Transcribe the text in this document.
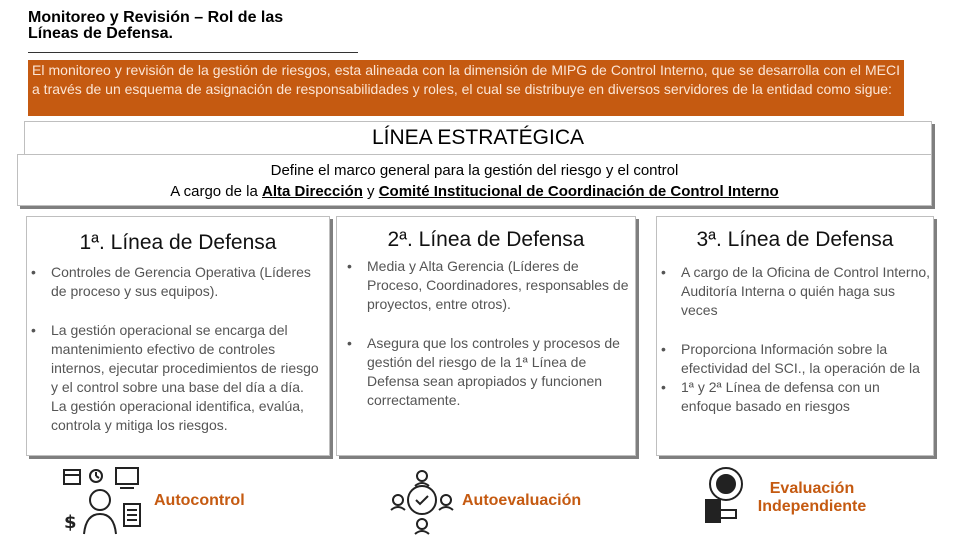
Monitoreo y Revisión – Rol de las
Líneas de Defensa.
El monitoreo y revisión de la gestión de riesgos, esta alineada con la dimensión de MIPG de Control Interno, que se desarrolla con el MECI a través de un esquema de asignación de responsabilidades y roles, el cual se distribuye en diversos servidores de la entidad como sigue:
LÍNEA ESTRATÉGICA
Define el marco general para la gestión del riesgo y el control
A cargo de la Alta Dirección y Comité Institucional de Coordinación de Control Interno
1ª. Línea de Defensa
• Controles de Gerencia Operativa (Líderes de proceso y sus equipos).
• La gestión operacional se encarga del mantenimiento efectivo de controles internos, ejecutar procedimientos de riesgo y el control sobre una base del día a día. La gestión operacional identifica, evalúa, controla y mitiga los riesgos.
2ª. Línea de Defensa
• Media y Alta Gerencia (Líderes de Proceso, Coordinadores, responsables de proyectos, entre otros).
• Asegura que los controles y procesos de gestión del riesgo de la 1ª Línea de Defensa sean apropiados y funcionen correctamente.
3ª. Línea de Defensa
• A cargo de la Oficina de Control Interno, Auditoría Interna o quién haga sus veces
• Proporciona Información sobre la efectividad del SCI., la operación de la
• 1ª y 2ª Línea de defensa con un enfoque basado en riesgos
$
Autocontrol	Autoevaluación
Evaluación
Independiente
